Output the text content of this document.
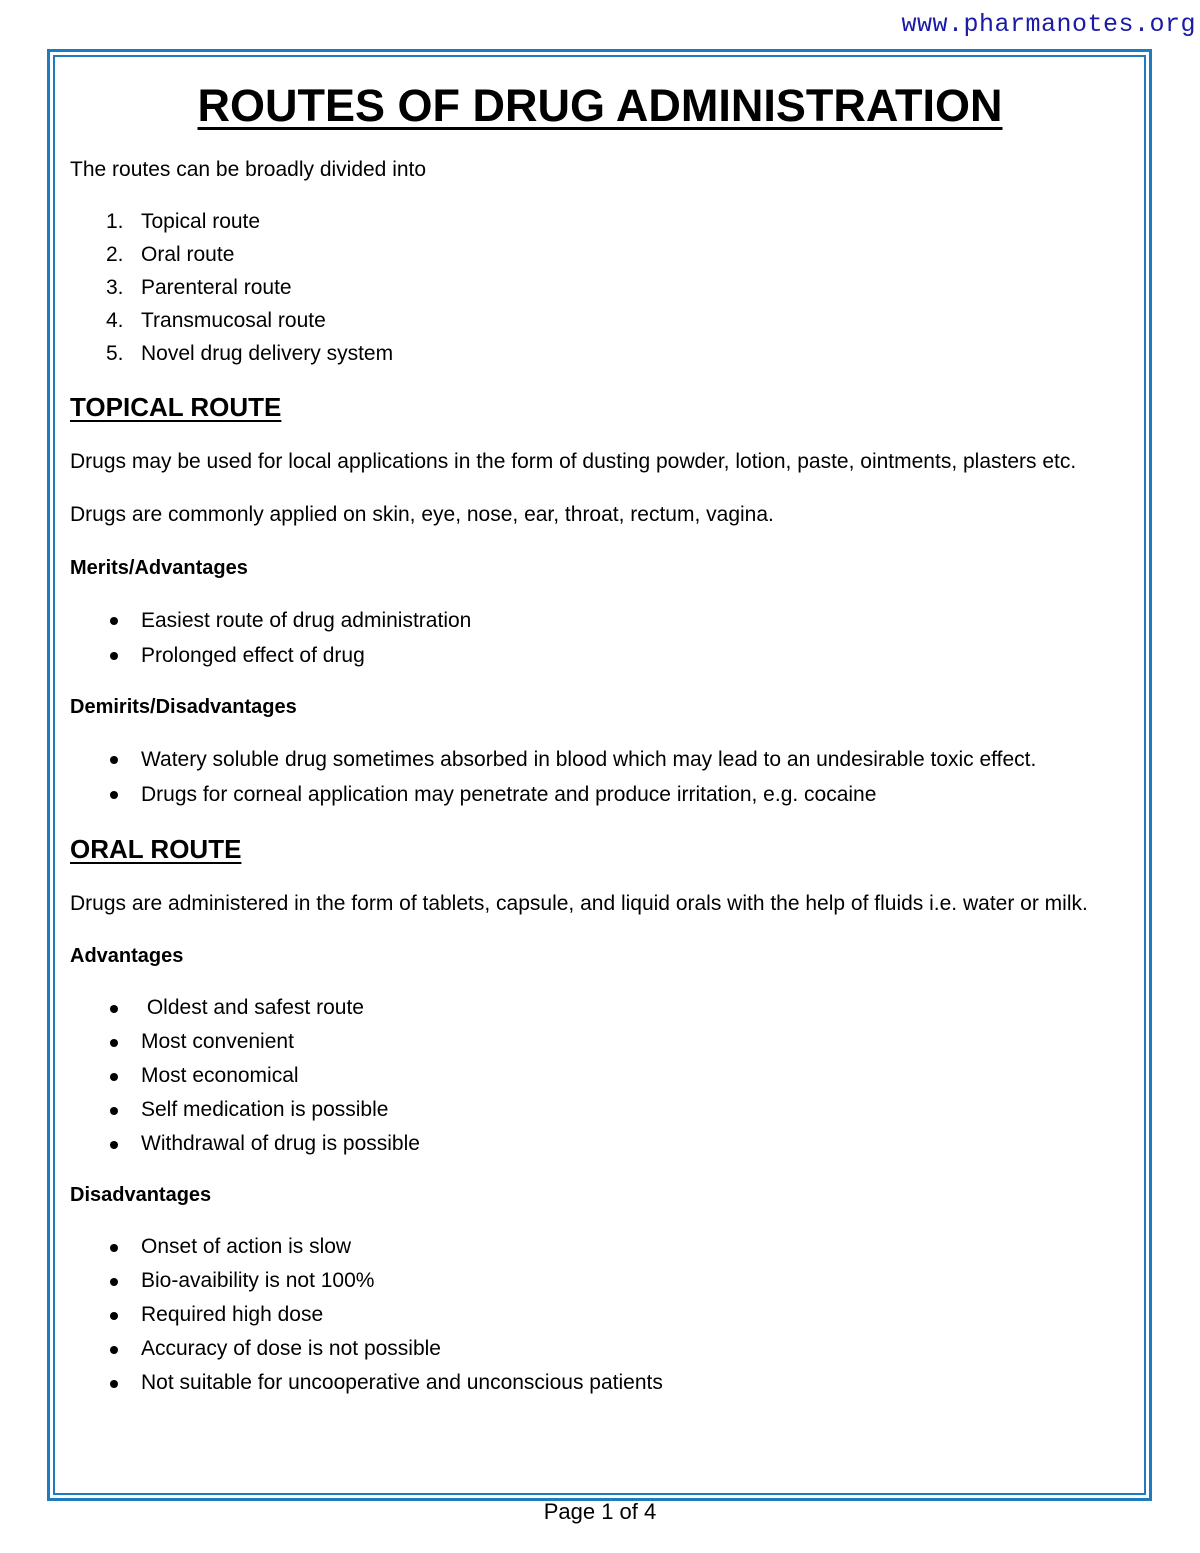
www.pharmanotes.org
ROUTES OF DRUG ADMINISTRATION

The routes can be broadly divided into

1. Topical route
2. Oral route
3. Parenteral route
4. Transmucosal route
5. Novel drug delivery system
TOPICAL ROUTE

Drugs may be used for local applications in the form of dusting powder, lotion, paste, ointments, plasters etc.

Drugs are commonly applied on skin, eye, nose, ear, throat, rectum, vagina.

Merits/Advantages

Easiest route of drug administration
Prolonged effect of drug

Demirits/Disadvantages

Watery soluble drug sometimes absorbed in blood which may lead to an undesirable toxic effect.
Drugs for corneal application may penetrate and produce irritation, e.g. cocaine
ORAL ROUTE

Drugs are administered in the form of tablets, capsule, and liquid orals with the help of fluids i.e. water or milk.

Advantages

Oldest and safest route
Most convenient
Most economical
Self medication is possible
Withdrawal of drug is possible

Disadvantages

Onset of action is slow
Bio-avaibility is not 100%
Required high dose
Accuracy of dose is not possible
Not suitable for uncooperative and unconscious patients
Page 1 of 4
